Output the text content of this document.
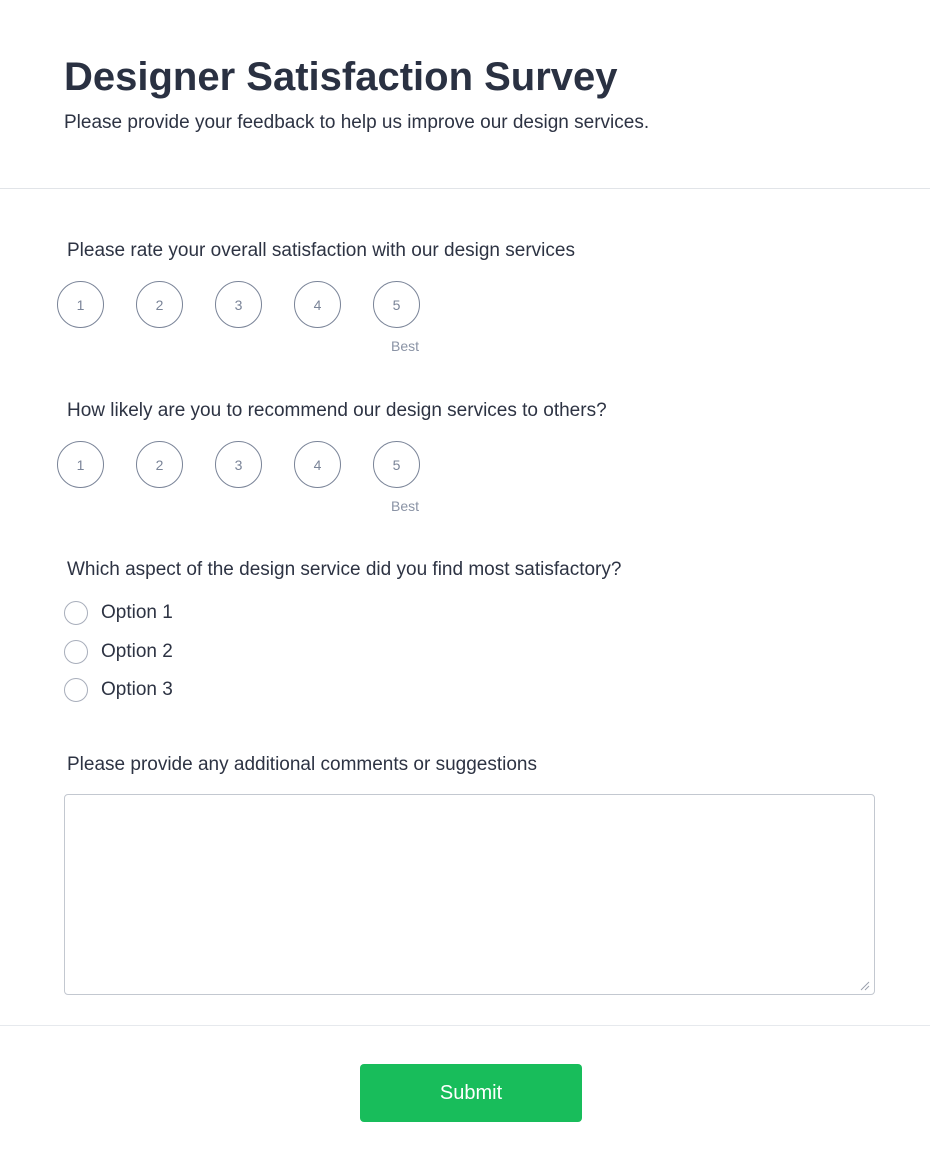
Designer Satisfaction Survey

Please provide your feedback to help us improve our design services.

Please rate your overall satisfaction with our design services
1	2	3	4	5
Best
How likely are you to recommend our design services to others?
1	2	3	4	5
Best
Which aspect of the design service did you find most satisfactory?
Option 1
Option 2
Option 3
Please provide any additional comments or suggestions
Submit
